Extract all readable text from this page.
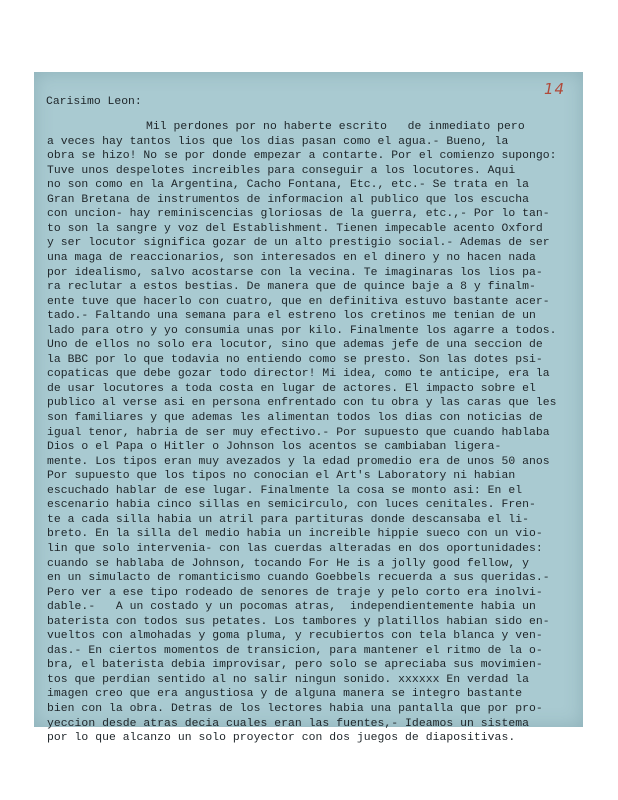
14
Carisimo Leon:
Mil perdones por no haberte escrito   de inmediato pero
a veces hay tantos lios que los dias pasan como el agua.- Bueno, la
obra se hizo! No se por donde empezar a contarte. Por el comienzo supongo:
Tuve unos despelotes increibles para conseguir a los locutores. Aqui
no son como en la Argentina, Cacho Fontana, Etc., etc.- Se trata en la
Gran Bretana de instrumentos de informacion al publico que los escucha
con uncion- hay reminiscencias gloriosas de la guerra, etc.,- Por lo tan-
to son la sangre y voz del Establishment. Tienen impecable acento Oxford
y ser locutor significa gozar de un alto prestigio social.- Ademas de ser
una maga de reaccionarios, son interesados en el dinero y no hacen nada
por idealismo, salvo acostarse con la vecina. Te imaginaras los lios pa-
ra reclutar a estos bestias. De manera que de quince baje a 8 y finalm-
ente tuve que hacerlo con cuatro, que en definitiva estuvo bastante acer-
tado.- Faltando una semana para el estreno los cretinos me tenian de un
lado para otro y yo consumia unas por kilo. Finalmente los agarre a todos.
Uno de ellos no solo era locutor, sino que ademas jefe de una seccion de
la BBC por lo que todavia no entiendo como se presto. Son las dotes psi-
copaticas que debe gozar todo director! Mi idea, como te anticipe, era la
de usar locutores a toda costa en lugar de actores. El impacto sobre el
publico al verse asi en persona enfrentado con tu obra y las caras que les
son familiares y que ademas les alimentan todos los dias con noticias de
igual tenor, habria de ser muy efectivo.- Por supuesto que cuando hablaba
Dios o el Papa o Hitler o Johnson los acentos se cambiaban ligera-
mente. Los tipos eran muy avezados y la edad promedio era de unos 50 anos
Por supuesto que los tipos no conocian el Art's Laboratory ni habian
escuchado hablar de ese lugar. Finalmente la cosa se monto asi: En el
escenario habia cinco sillas en semicirculo, con luces cenitales. Fren-
te a cada silla habia un atril para partituras donde descansaba el li-
breto. En la silla del medio habia un increible hippie sueco con un vio-
lin que solo intervenia- con las cuerdas alteradas en dos oportunidades:
cuando se hablaba de Johnson, tocando For He is a jolly good fellow, y
en un simulacto de romanticismo cuando Goebbels recuerda a sus queridas.-
Pero ver a ese tipo rodeado de senores de traje y pelo corto era inolvi-
dable.-   A un costado y un pocomas atras,  independientemente habia un
baterista con todos sus petates. Los tambores y platillos habian sido en-
vueltos con almohadas y goma pluma, y recubiertos con tela blanca y ven-
das.- En ciertos momentos de transicion, para mantener el ritmo de la o-
bra, el baterista debia improvisar, pero solo se apreciaba sus movimien-
tos que perdian sentido al no salir ningun sonido. xxxxxx En verdad la
imagen creo que era angustiosa y de alguna manera se integro bastante
bien con la obra. Detras de los lectores habia una pantalla que por pro-
yeccion desde atras decia cuales eran las fuentes,- Ideamos un sistema
por lo que alcanzo un solo proyector con dos juegos de diapositivas.
